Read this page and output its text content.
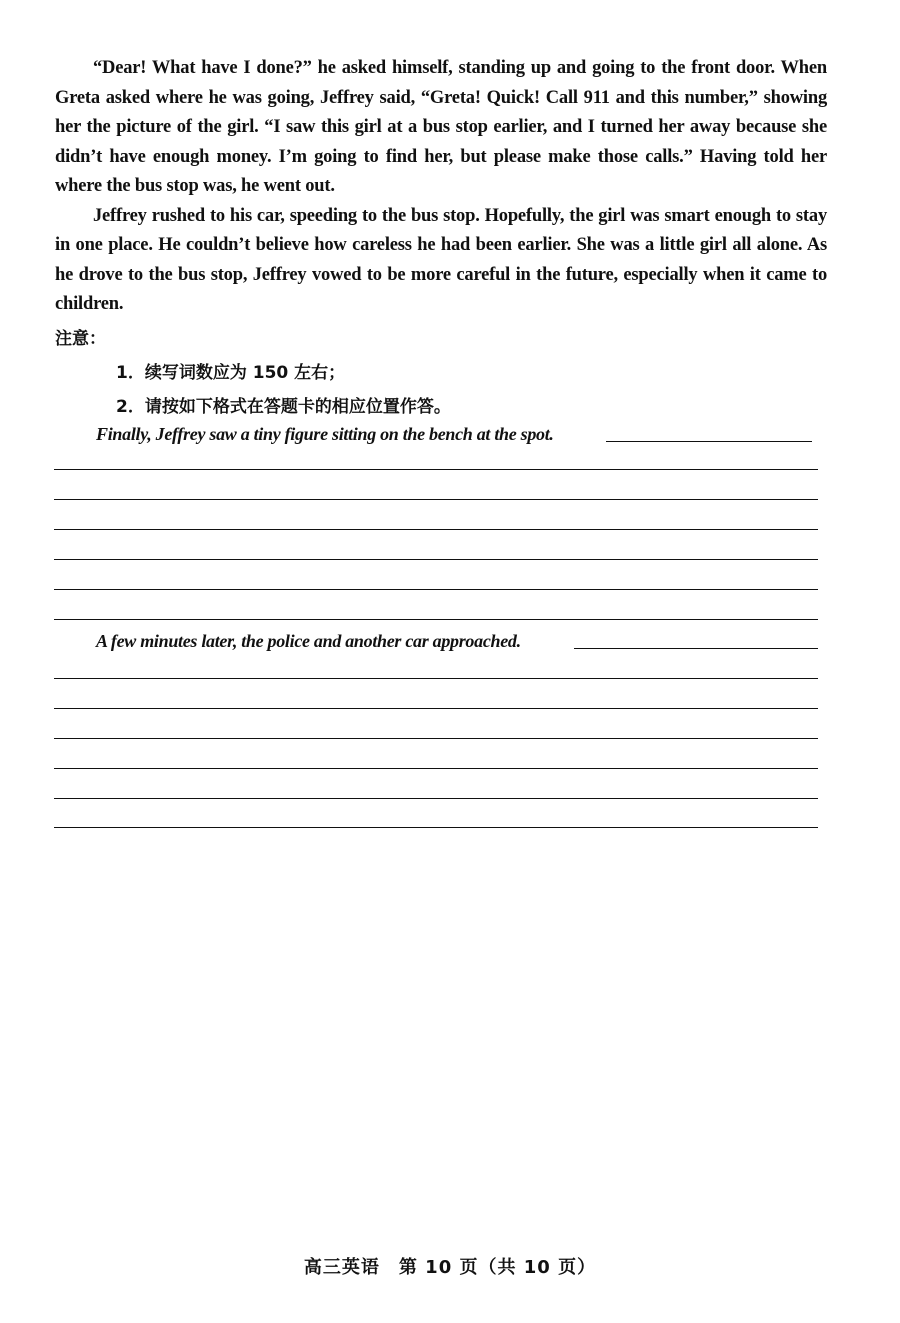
“Dear! What have I done?” he asked himself, standing up and going to the front door. When Greta asked where he was going, Jeffrey said, “Greta! Quick! Call 911 and this number,” showing her the picture of the girl. “I saw this girl at a bus stop earlier, and I turned her away because she didn’t have enough money. I’m going to find her, but please make those calls.” Having told her where the bus stop was, he went out.

Jeffrey rushed to his car, speeding to the bus stop. Hopefully, the girl was smart enough to stay in one place. He couldn’t believe how careless he had been earlier. She was a little girl all alone. As he drove to the bus stop, Jeffrey vowed to be more careful in the future, especially when it came to children.

注意：
1．续写词数应为 150 左右；
2．请按如下格式在答题卡的相应位置作答。
Finally, Jeffrey saw a tiny figure sitting on the bench at the spot.
A few minutes later, the police and another car approached.
高三英语　第 10 页（共 10 页）
